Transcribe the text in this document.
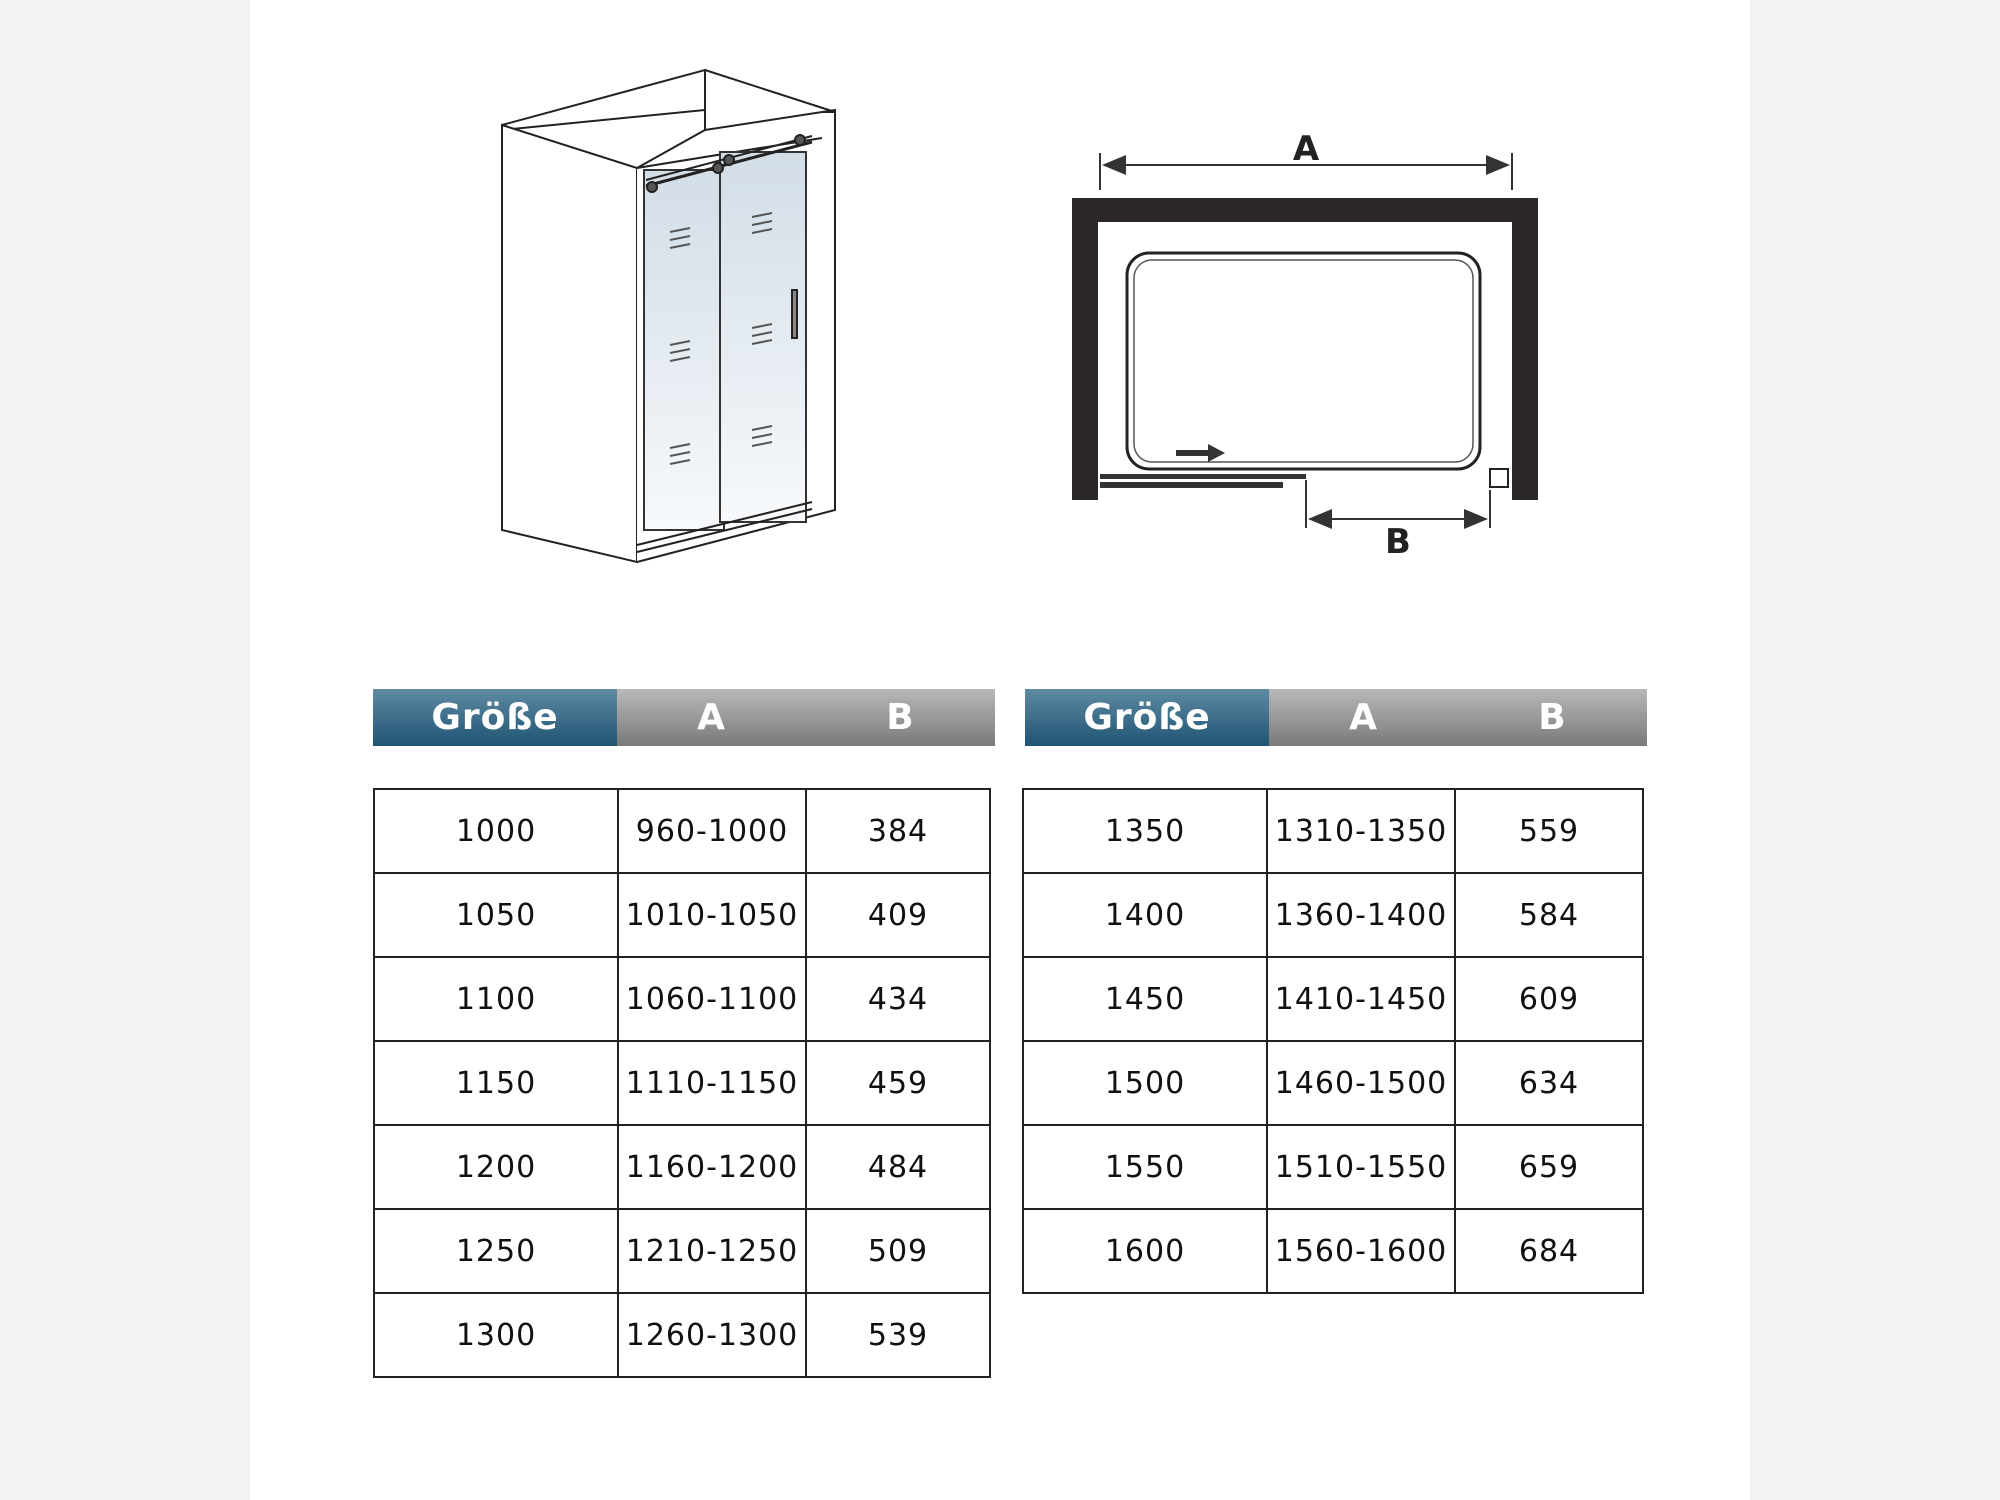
A
B
Größe	A	B	Größe	A	B
1000	960-1000	384
1050	1010-1050	409
1100	1060-1100	434
1150	1110-1150	459
1200	1160-1200	484
1250	1210-1250	509
1300	1260-1300	539
1350	1310-1350	559
1400	1360-1400	584
1450	1410-1450	609
1500	1460-1500	634
1550	1510-1550	659
1600	1560-1600	684
